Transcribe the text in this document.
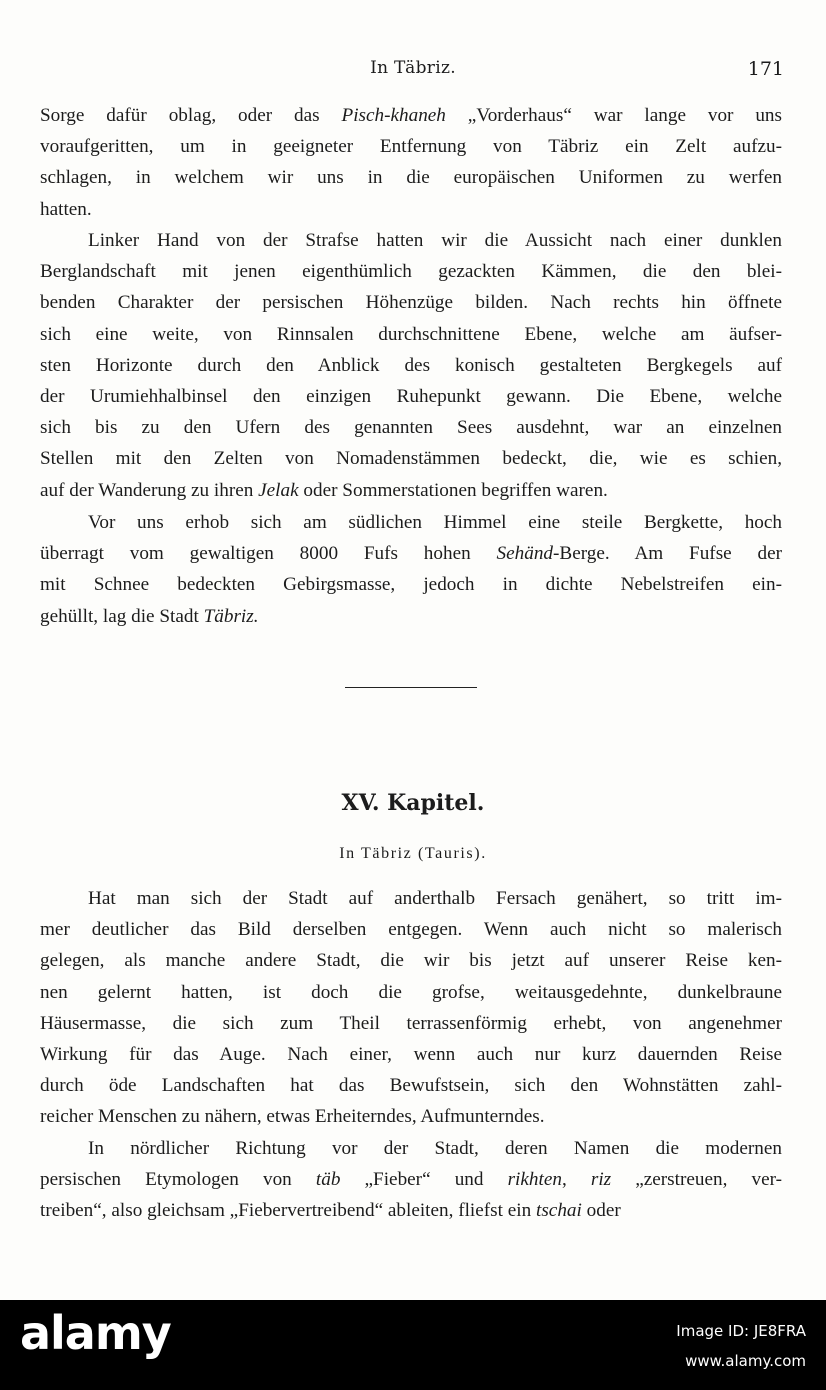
In Täbriz.	171

Sorge dafür oblag, oder das Pisch-khaneh „Vorderhaus“ war lange vor uns
voraufgeritten, um in geeigneter Entfernung von Täbriz ein Zelt aufzu-
schlagen, in welchem wir uns in die europäischen Uniformen zu werfen
hatten.

Linker Hand von der Strafse hatten wir die Aussicht nach einer dunklen
Berglandschaft mit jenen eigenthümlich gezackten Kämmen, die den blei-
benden Charakter der persischen Höhenzüge bilden. Nach rechts hin öffnete
sich eine weite, von Rinnsalen durchschnittene Ebene, welche am äufser-
sten Horizonte durch den Anblick des konisch gestalteten Bergkegels auf
der Urumiehhalbinsel den einzigen Ruhepunkt gewann. Die Ebene, welche
sich bis zu den Ufern des genannten Sees ausdehnt, war an einzelnen
Stellen mit den Zelten von Nomadenstämmen bedeckt, die, wie es schien,
auf der Wanderung zu ihren Jelak oder Sommerstationen begriffen waren.

Vor uns erhob sich am südlichen Himmel eine steile Bergkette, hoch
überragt vom gewaltigen 8000 Fufs hohen Sehänd-Berge. Am Fufse der
mit Schnee bedeckten Gebirgsmasse, jedoch in dichte Nebelstreifen ein-
gehüllt, lag die Stadt Täbriz.

XV. Kapitel.
In Täbriz (Tauris).

Hat man sich der Stadt auf anderthalb Fersach genähert, so tritt im-
mer deutlicher das Bild derselben entgegen. Wenn auch nicht so malerisch
gelegen, als manche andere Stadt, die wir bis jetzt auf unserer Reise ken-
nen gelernt hatten, ist doch die grofse, weitausgedehnte, dunkelbraune
Häusermasse, die sich zum Theil terrassenförmig erhebt, von angenehmer
Wirkung für das Auge. Nach einer, wenn auch nur kurz dauernden Reise
durch öde Landschaften hat das Bewufstsein, sich den Wohnstätten zahl-
reicher Menschen zu nähern, etwas Erheiterndes, Aufmunterndes.

In nördlicher Richtung vor der Stadt, deren Namen die modernen
persischen Etymologen von täb „Fieber“ und rikhten, riz „zerstreuen, ver-
treiben“, also gleichsam „Fiebervertreibend“ ableiten, fliefst ein tschai oder

alamy	Image ID: JE8FRA
www.alamy.com
